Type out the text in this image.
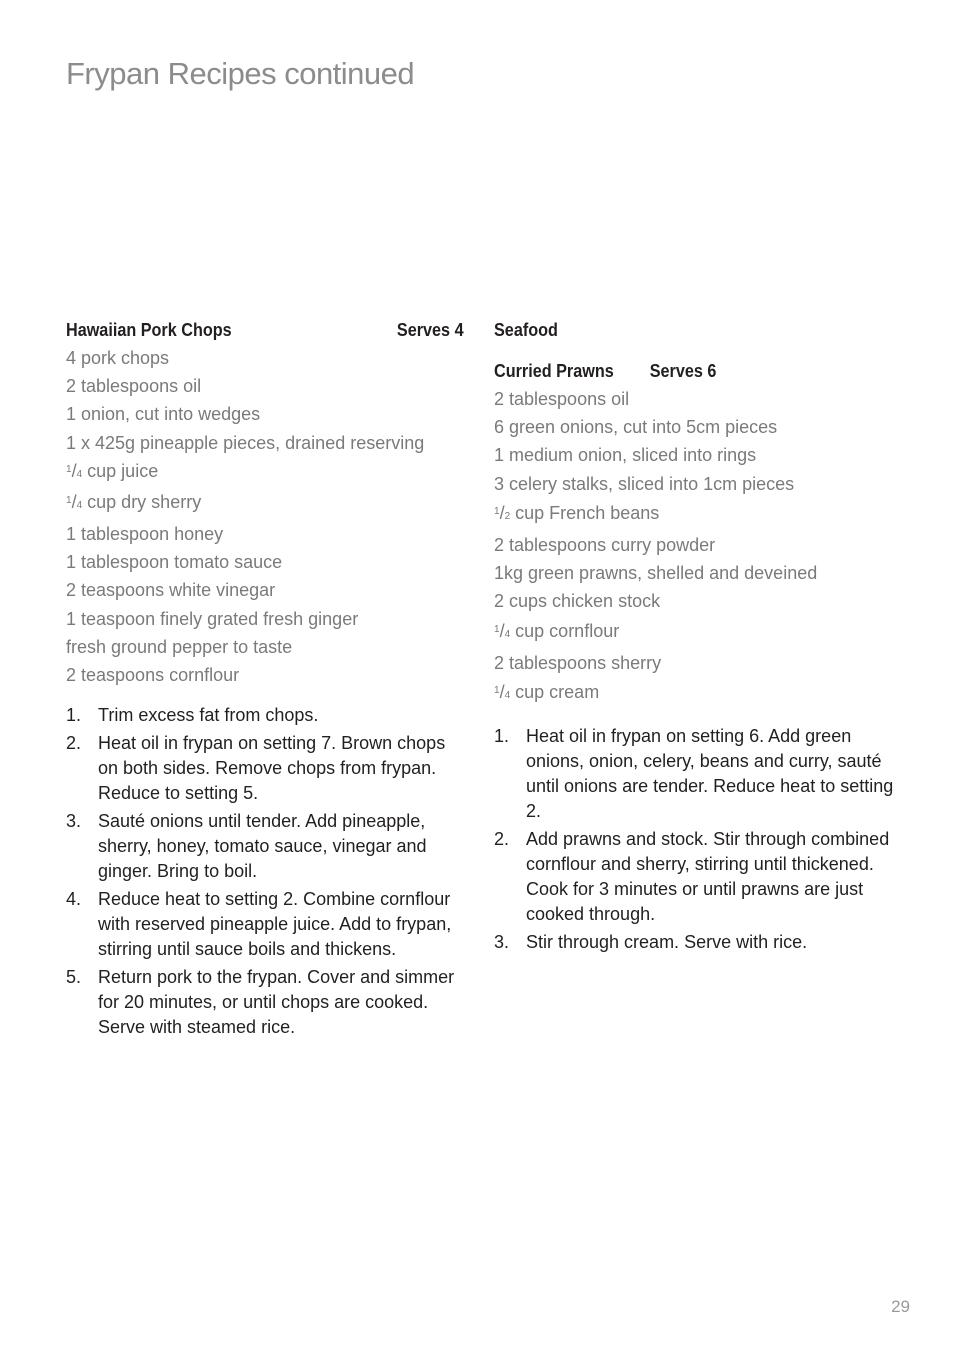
Frypan Recipes continued
Hawaiian Pork Chops	Serves 4
4 pork chops
2 tablespoons oil
1 onion, cut into wedges
1 x 425g pineapple pieces, drained reserving
$^1$/4 cup juice
$^1$/4 cup dry sherry
1 tablespoon honey
1 tablespoon tomato sauce
2 teaspoons white vinegar
1 teaspoon finely grated fresh ginger
fresh ground pepper to taste
2 teaspoons cornflour
1. Trim excess fat from chops.
2. Heat oil in frypan on setting 7. Brown chops on both sides. Remove chops from frypan. Reduce to setting 5.
3. Sauté onions until tender. Add pineapple, sherry, honey, tomato sauce, vinegar and ginger. Bring to boil.
4. Reduce heat to setting 2. Combine cornflour with reserved pineapple juice. Add to frypan, stirring until sauce boils and thickens.
5. Return pork to the frypan. Cover and simmer for 20 minutes, or until chops are cooked. Serve with steamed rice.
Seafood
Curried Prawns Serves 6
2 tablespoons oil
6 green onions, cut into 5cm pieces
1 medium onion, sliced into rings
3 celery stalks, sliced into 1cm pieces
$^1$/2 cup French beans
2 tablespoons curry powder
1kg green prawns, shelled and deveined
2 cups chicken stock
$^1$/4 cup cornflour
2 tablespoons sherry
$^1$/4 cup cream
1. Heat oil in frypan on setting 6. Add green onions, onion, celery, beans and curry, sauté until onions are tender. Reduce heat to setting 2.
2. Add prawns and stock. Stir through combined cornflour and sherry, stirring until thickened. Cook for 3 minutes or until prawns are just cooked through.
3. Stir through cream. Serve with rice.
29
